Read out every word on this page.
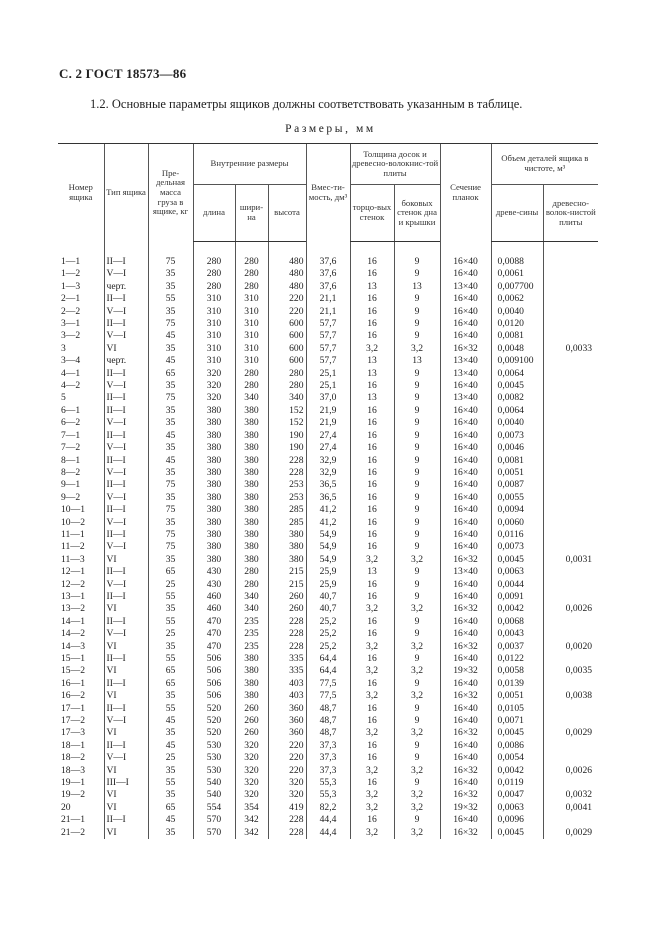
С. 2 ГОСТ 18573—86
1.2. Основные параметры ящиков должны соответствовать указанным в таблице.
Размеры, мм
Номер ящика	Тип ящика	Пре-дельная масса груза в ящике, кг	Внутренние размеры			Вмес-ти-мость, дм³	Толщина досок и древесно-волокнис-той плиты		Сечение планок	Объем деталей ящика в чистоте, м³	
			длина	шири-на	высота		торцо-вых стенок	боковых стенок дна и крышки		древе-сины	древесно-волок-нистой плиты
1—1	II—I	75	280	280	480	37,6	16	9	16×40	0,0088	
1—2	V—I	35	280	280	480	37,6	16	9	16×40	0,0061	
1—3	черт.	35	280	280	480	37,6	13	13	13×40	0,007700	
2—1	II—I	55	310	310	220	21,1	16	9	16×40	0,0062	
2—2	V—I	35	310	310	220	21,1	16	9	16×40	0,0040	
3—1	II—I	75	310	310	600	57,7	16	9	16×40	0,0120	
3—2	V—I	45	310	310	600	57,7	16	9	16×40	0,0081	
3	VI	35	310	310	600	57,7	3,2	3,2	16×32	0,0048	0,0033
3—4	черт.	45	310	310	600	57,7	13	13	13×40	0,009100	
4—1	II—I	65	320	280	280	25,1	13	9	13×40	0,0064	
4—2	V—I	35	320	280	280	25,1	16	9	16×40	0,0045	
5	II—I	75	320	340	340	37,0	13	9	13×40	0,0082	
6—1	II—I	35	380	380	152	21,9	16	9	16×40	0,0064	
6—2	V—I	35	380	380	152	21,9	16	9	16×40	0,0040	
7—1	II—I	45	380	380	190	27,4	16	9	16×40	0,0073	
7—2	V—I	35	380	380	190	27,4	16	9	16×40	0,0046	
8—1	II—I	45	380	380	228	32,9	16	9	16×40	0,0081	
8—2	V—I	35	380	380	228	32,9	16	9	16×40	0,0051	
9—1	II—I	75	380	380	253	36,5	16	9	16×40	0,0087	
9—2	V—I	35	380	380	253	36,5	16	9	16×40	0,0055	
10—1	II—I	75	380	380	285	41,2	16	9	16×40	0,0094	
10—2	V—I	35	380	380	285	41,2	16	9	16×40	0,0060	
11—1	II—I	75	380	380	380	54,9	16	9	16×40	0,0116	
11—2	V—I	75	380	380	380	54,9	16	9	16×40	0,0073	
11—3	VI	35	380	380	380	54,9	3,2	3,2	16×32	0,0045	0,0031
12—1	II—I	65	430	280	215	25,9	13	9	13×40	0,0063	
12—2	V—I	25	430	280	215	25,9	16	9	16×40	0,0044	
13—1	II—I	55	460	340	260	40,7	16	9	16×40	0,0091	
13—2	VI	35	460	340	260	40,7	3,2	3,2	16×32	0,0042	0,0026
14—1	II—I	55	470	235	228	25,2	16	9	16×40	0,0068	
14—2	V—I	25	470	235	228	25,2	16	9	16×40	0,0043	
14—3	VI	35	470	235	228	25,2	3,2	3,2	16×32	0,0037	0,0020
15—1	II—I	55	506	380	335	64,4	16	9	16×40	0,0122	
15—2	VI	65	506	380	335	64,4	3,2	3,2	19×32	0,0058	0,0035
16—1	II—I	65	506	380	403	77,5	16	9	16×40	0,0139	
16—2	VI	35	506	380	403	77,5	3,2	3,2	16×32	0,0051	0,0038
17—1	II—I	55	520	260	360	48,7	16	9	16×40	0,0105	
17—2	V—I	45	520	260	360	48,7	16	9	16×40	0,0071	
17—3	VI	35	520	260	360	48,7	3,2	3,2	16×32	0,0045	0,0029
18—1	II—I	45	530	320	220	37,3	16	9	16×40	0,0086	
18—2	V—I	25	530	320	220	37,3	16	9	16×40	0,0054	
18—3	VI	35	530	320	220	37,3	3,2	3,2	16×32	0,0042	0,0026
19—1	III—I	55	540	320	320	55,3	16	9	16×40	0,0119	
19—2	VI	35	540	320	320	55,3	3,2	3,2	16×32	0,0047	0,0032
20	VI	65	554	354	419	82,2	3,2	3,2	19×32	0,0063	0,0041
21—1	II—I	45	570	342	228	44,4	16	9	16×40	0,0096	
21—2	VI	35	570	342	228	44,4	3,2	3,2	16×32	0,0045	0,0029
